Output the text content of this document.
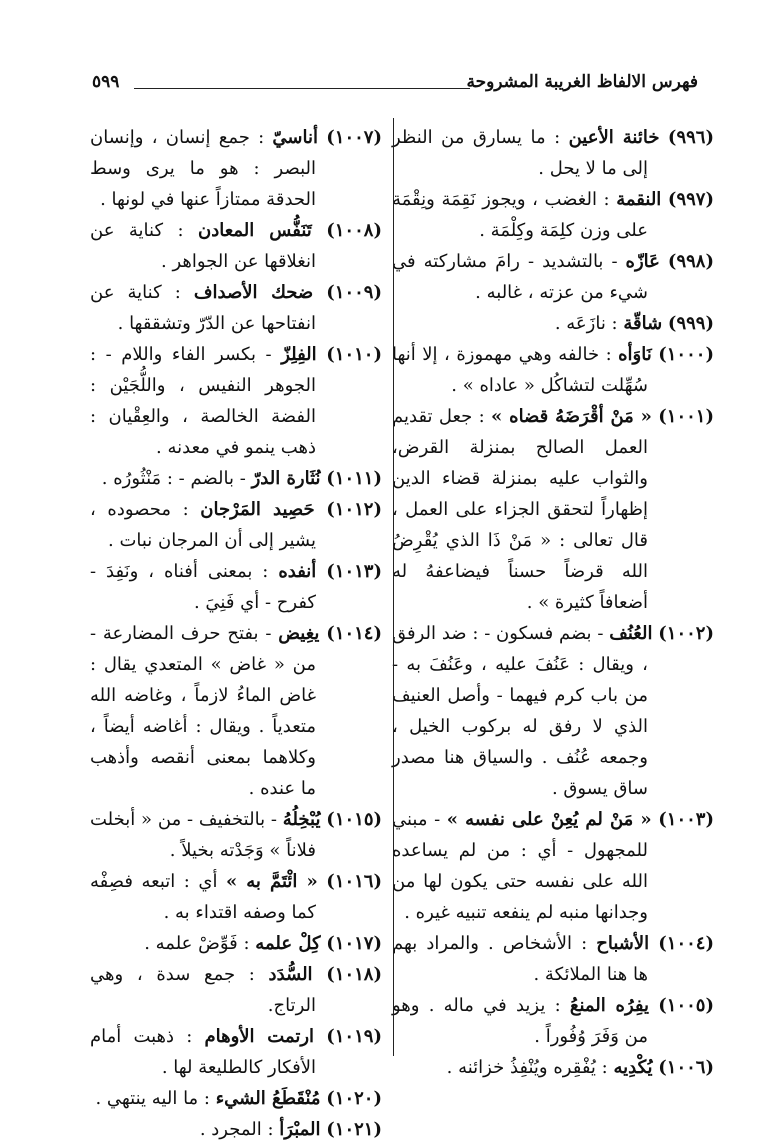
فهرس الالفاظ الغريبة المشروحة
٥٩٩

(٩٩٦) خائنة الأعين : ما يسارق من النظر إلى ما لا يحل .

(٩٩٧) النقمة : الغضب ، ويجوز نَقِمَة ونِقْمَة على وزن كلِمَة وكِلْمَة .

(٩٩٨) عَازّه - بالتشديد - رامَ مشاركته في شيء من عزته ، غالبه .

(٩٩٩) شاقّة : نازَعَه .

(١٠٠٠) نَاوَأه : خالفه وهي مهموزة ، إلا أنها سُهِّلت لتشاكُل « عاداه » .

(١٠٠١) « مَنْ أقْرَضَهُ قضاه » : جعل تقديم العمل الصالح بمنزلة القرض، والثواب عليه بمنزلة قضاء الدين إظهاراً لتحقق الجزاء على العمل ، قال تعالى : « مَنْ ذَا الذي يُقْرِضُ الله قرضاً حسناً فيضاعفهُ له أضعافاً كثيرة » .

(١٠٠٢) العُنُف - بضم فسكون - : ضد الرفق ، ويقال : عَنُفَ عليه ، وعَنُفَ به - من باب كرم فيهما - وأصل العنيف الذي لا رفق له بركوب الخيل ، وجمعه عُنُف . والسياق هنا مصدر ساق يسوق .

(١٠٠٣) « مَنْ لم يُعِنْ على نفسه » - مبني للمجهول - أي : من لم يساعده الله على نفسه حتى يكون لها من وجدانها منبه لم ينفعه تنبيه غيره .

(١٠٠٤) الأشباح : الأشخاص . والمراد بهم ها هنا الملائكة .

(١٠٠٥) يفِرُه المنعُ : يزيد في ماله . وهو من وَفَرَ وُفُوراً .

(١٠٠٦) يُكْدِيه : يُفْقِره ويُنْفِذُ خزائنه .

(١٠٠٧) أناسيّ : جمع إنسان ، وإنسان البصر : هو ما يرى وسط الحدقة ممتازاً عنها في لونها .

(١٠٠٨) تَنَفُّس المعادن : كناية عن انغلاقها عن الجواهر .

(١٠٠٩) ضحك الأصداف : كناية عن انفتاحها عن الدّرّ وتشققها .

(١٠١٠) الفِلِزّ - بكسر الفاء واللام - : الجوهر النفيس ، واللُّجَيْن : الفضة الخالصة ، والعِقْيان : ذهب ينمو في معدنه .

(١٠١١) نُثَارة الدرّ - بالضم - : مَنْثُورُه .

(١٠١٢) حَصِيد المَرْجان : محصوده ، يشير إلى أن المرجان نبات .

(١٠١٣) أنفده : بمعنى أفناه ، ونَفِدَ - كفرح - أي فَنِيَ .

(١٠١٤) يغِيض - بفتح حرف المضارعة - من « غاض » المتعدي يقال : غاض الماءُ لازماً ، وغاضه الله متعدياً . ويقال : أغاضه أيضاً ، وكلاهما بمعنى أنقصه وأذهب ما عنده .

(١٠١٥) يُبْخِلُهُ - بالتخفيف - من « أبخلت فلاناً » وَجَدْته بخيلاً .

(١٠١٦) « ائْتَمَّ به » أي : اتبعه فصِفْه كما وصفه اقتداء به .

(١٠١٧) كِلْ علمه : فَوِّضْ علمه .

(١٠١٨) السُّدَد : جمع سدة ، وهي الرتاج.

(١٠١٩) ارتمت الأوهام : ذهبت أمام الأفكار كالطليعة لها .

(١٠٢٠) مُنْقَطَعُ الشيء : ما اليه ينتهي .

(١٠٢١) المبْرَأ : المجرد .
